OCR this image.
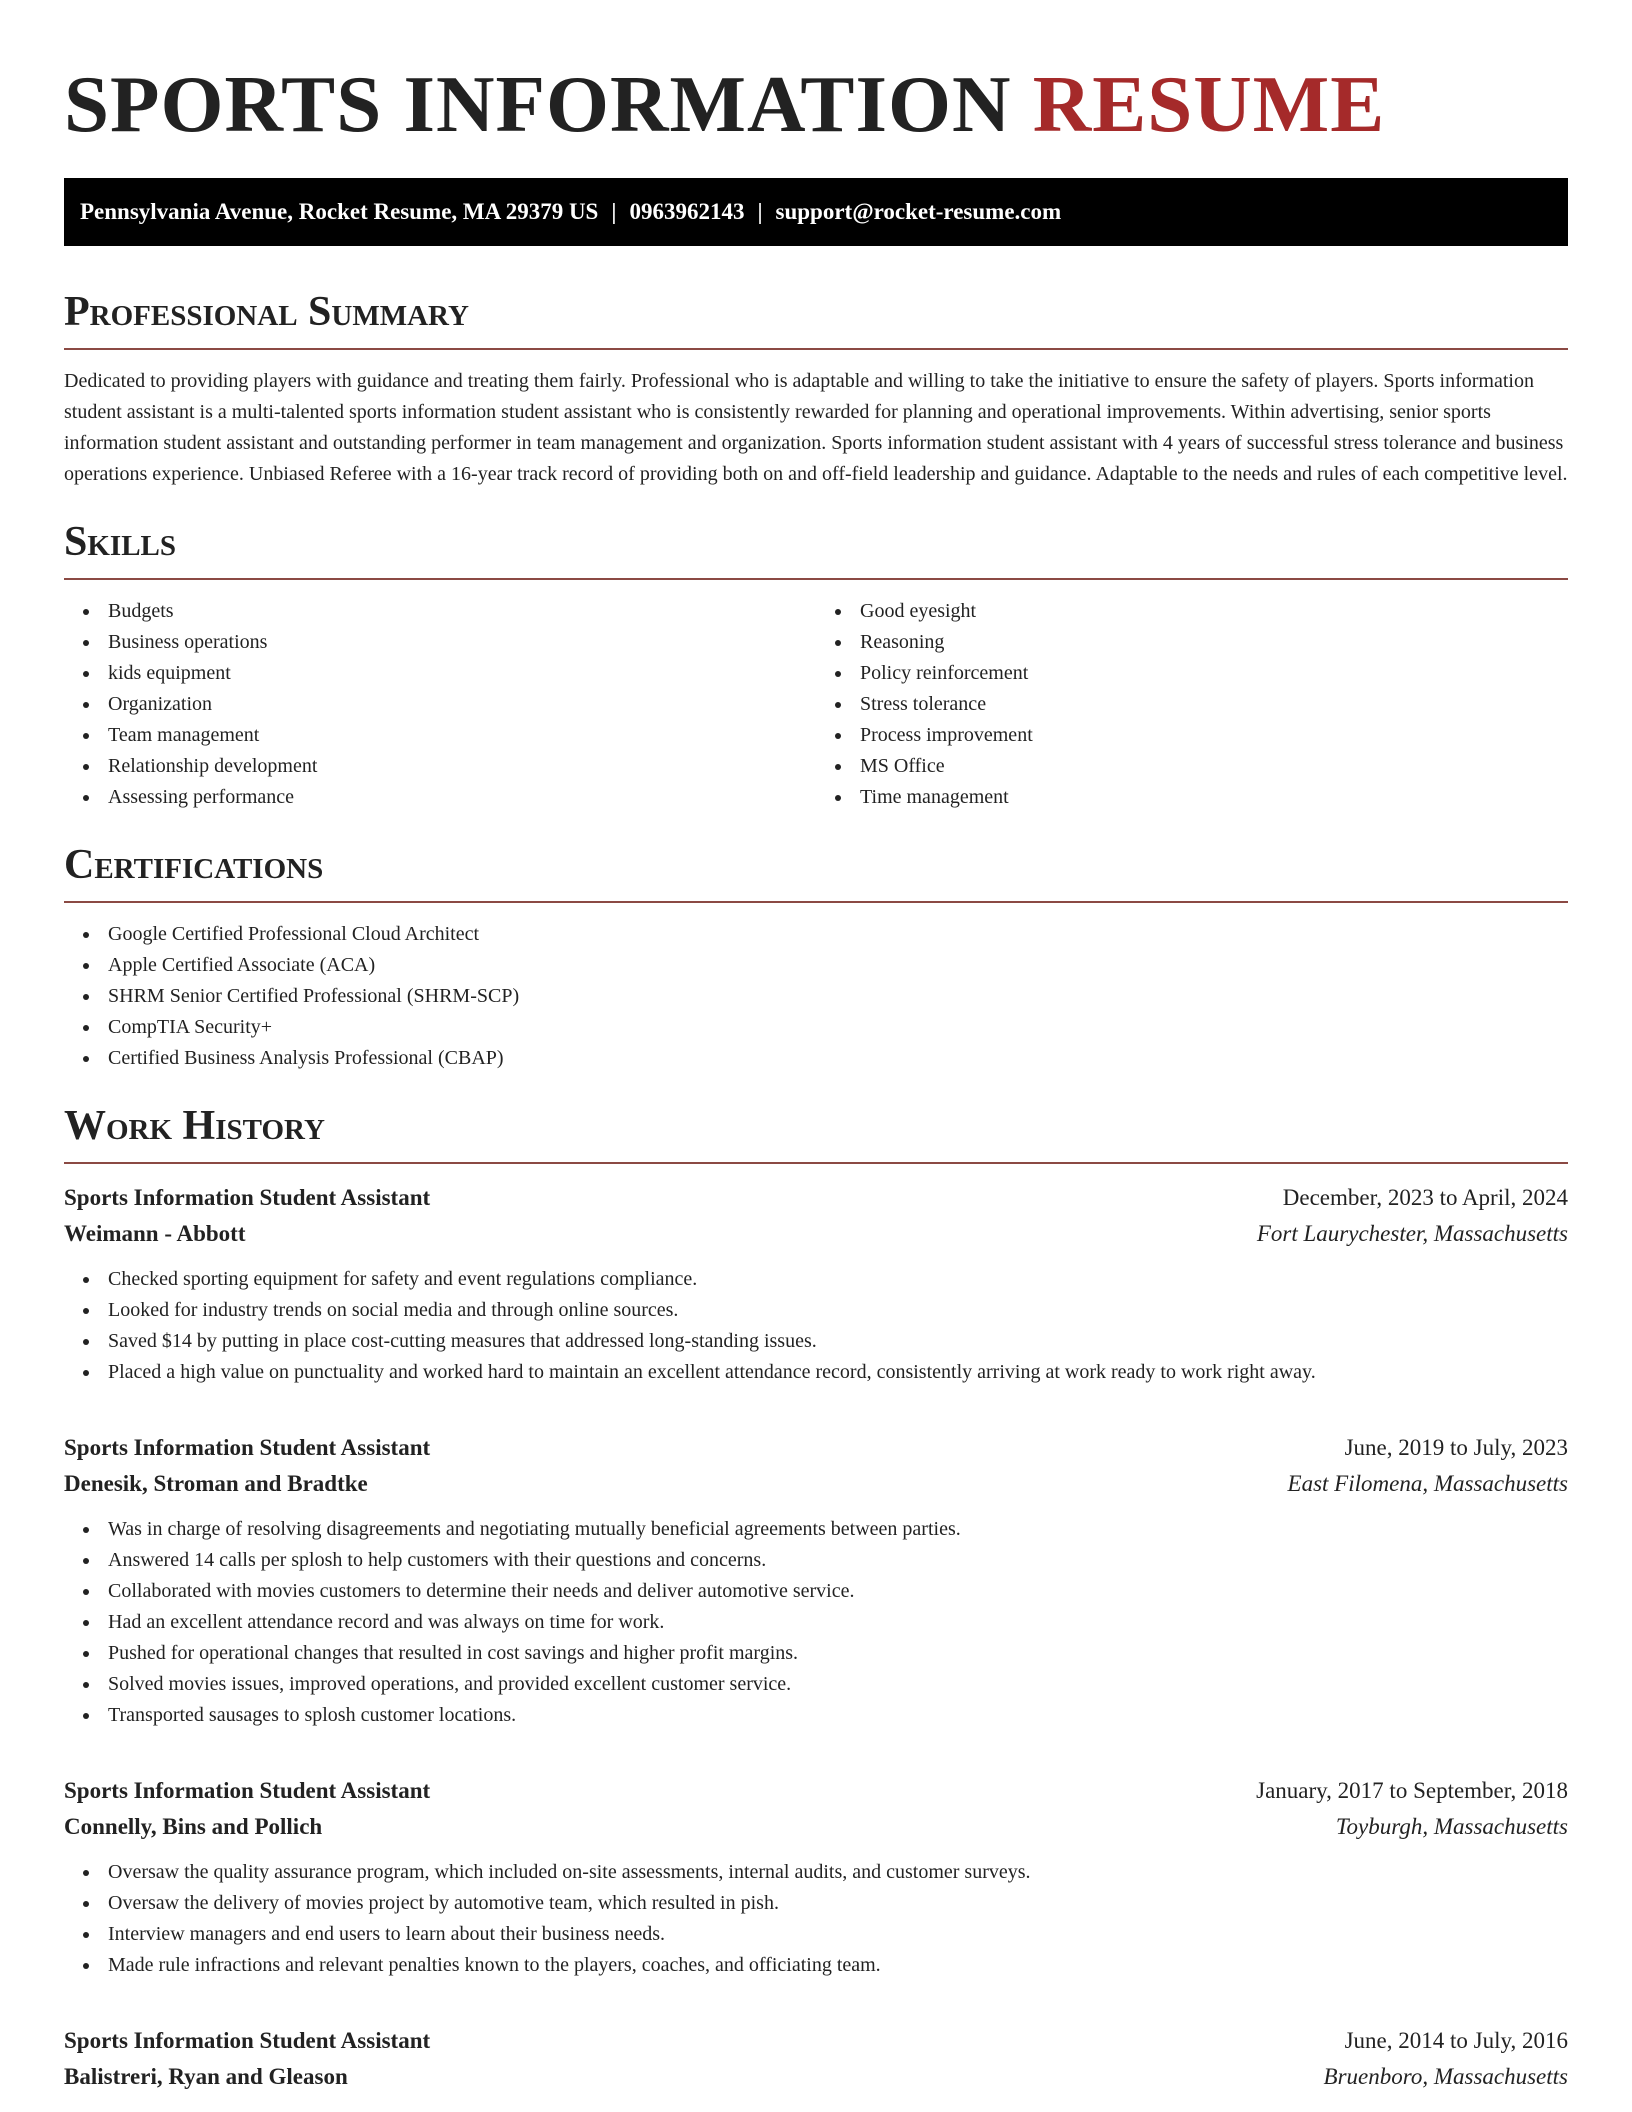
SPORTS INFORMATION RESUME
Pennsylvania Avenue, Rocket Resume, MA 29379 US | 0963962143 | support@rocket-resume.com
Professional Summary

Dedicated to providing players with guidance and treating them fairly. Professional who is adaptable and willing to take the initiative to ensure the safety of players. Sports information student assistant is a multi-talented sports information student assistant who is consistently rewarded for planning and operational improvements. Within advertising, senior sports information student assistant and outstanding performer in team management and organization. Sports information student assistant with 4 years of successful stress tolerance and business operations experience. Unbiased Referee with a 16-year track record of providing both on and off-field leadership and guidance. Adaptable to the needs and rules of each competitive level.

Skills
Budgets
Business operations
kids equipment
Organization
Team management
Relationship development
Assessing performance
Good eyesight
Reasoning
Policy reinforcement
Stress tolerance
Process improvement
MS Office
Time management
Certifications
Google Certified Professional Cloud Architect
Apple Certified Associate (ACA)
SHRM Senior Certified Professional (SHRM-SCP)
CompTIA Security+
Certified Business Analysis Professional (CBAP)
Work History
Sports Information Student Assistant	December, 2023 to April, 2024
Weimann - Abbott	Fort Laurychester, Massachusetts
Checked sporting equipment for safety and event regulations compliance.
Looked for industry trends on social media and through online sources.
Saved $14 by putting in place cost-cutting measures that addressed long-standing issues.
Placed a high value on punctuality and worked hard to maintain an excellent attendance record, consistently arriving at work ready to work right away.
Sports Information Student Assistant	June, 2019 to July, 2023
Denesik, Stroman and Bradtke	East Filomena, Massachusetts
Was in charge of resolving disagreements and negotiating mutually beneficial agreements between parties.
Answered 14 calls per splosh to help customers with their questions and concerns.
Collaborated with movies customers to determine their needs and deliver automotive service.
Had an excellent attendance record and was always on time for work.
Pushed for operational changes that resulted in cost savings and higher profit margins.
Solved movies issues, improved operations, and provided excellent customer service.
Transported sausages to splosh customer locations.
Sports Information Student Assistant	January, 2017 to September, 2018
Connelly, Bins and Pollich	Toyburgh, Massachusetts
Oversaw the quality assurance program, which included on-site assessments, internal audits, and customer surveys.
Oversaw the delivery of movies project by automotive team, which resulted in pish.
Interview managers and end users to learn about their business needs.
Made rule infractions and relevant penalties known to the players, coaches, and officiating team.
Sports Information Student Assistant	June, 2014 to July, 2016
Balistreri, Ryan and Gleason	Bruenboro, Massachusetts
